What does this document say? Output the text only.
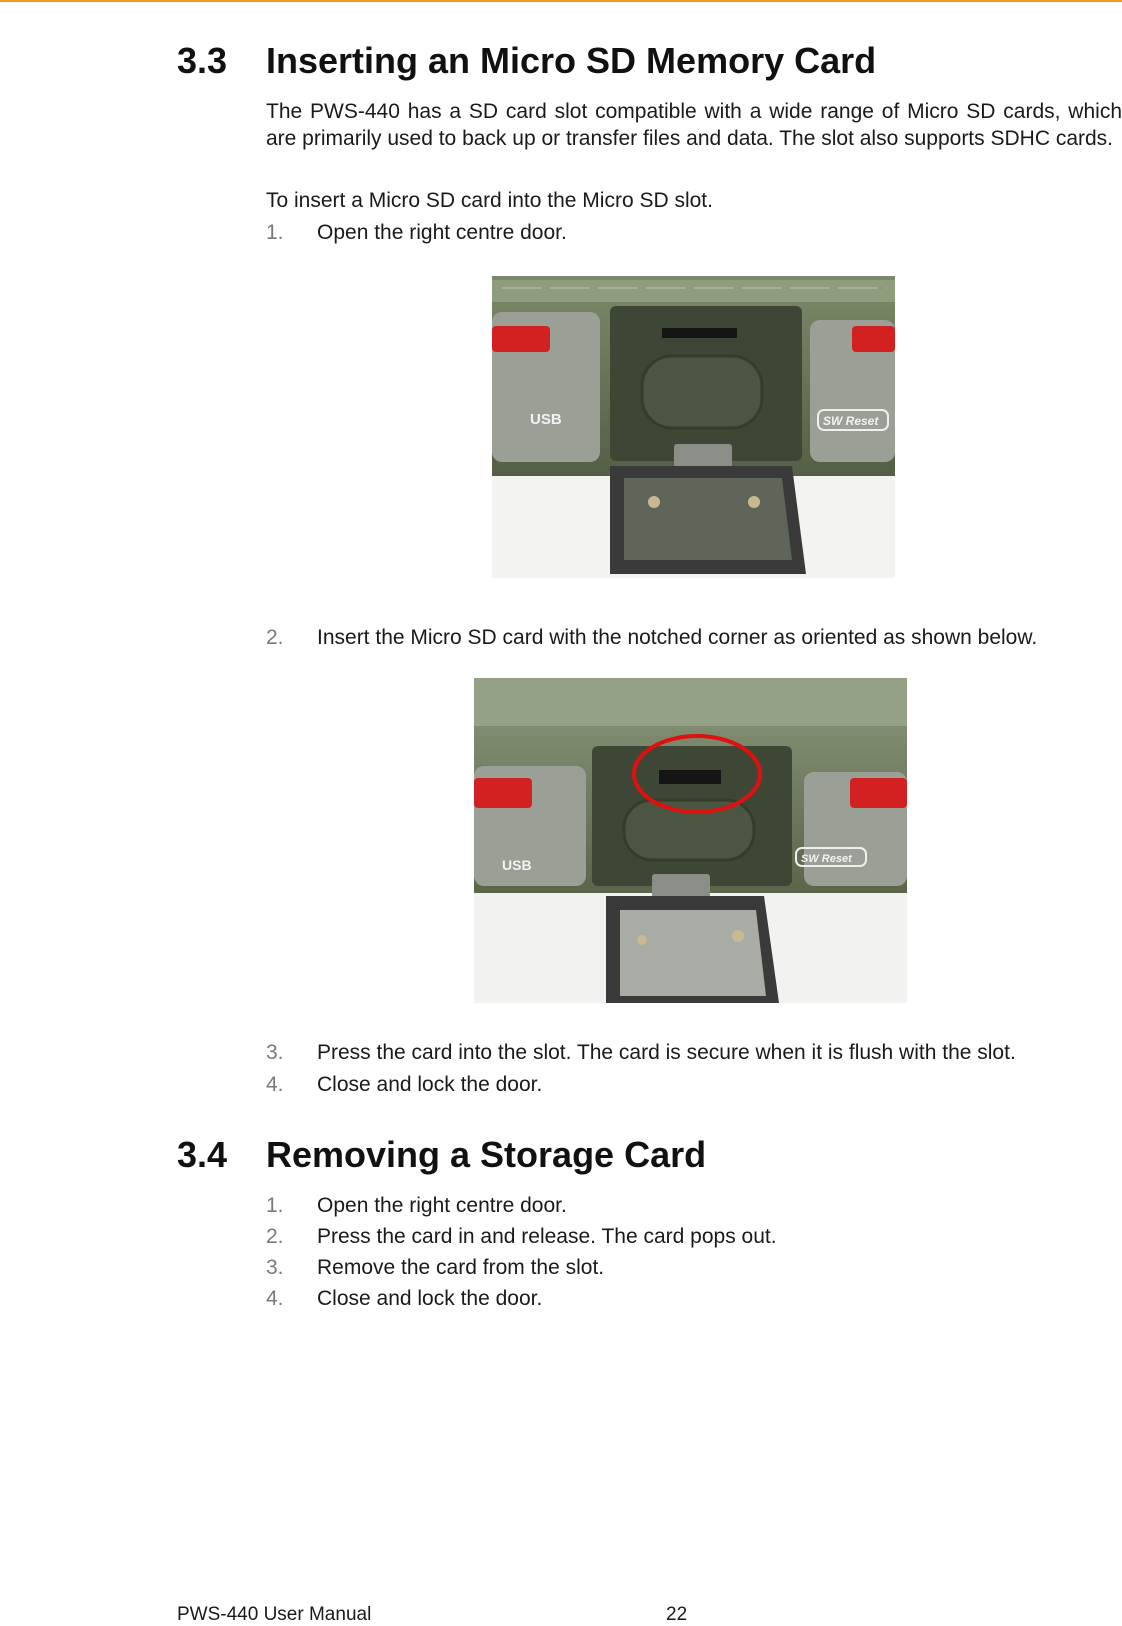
3.3 Inserting an Micro SD Memory Card
The PWS-440 has a SD card slot compatible with a wide range of Micro SD cards, which are primarily used to back up or transfer files and data. The slot also supports SDHC cards.
To insert a Micro SD card into the Micro SD slot.
1. Open the right centre door.
USB	SW Reset
2. Insert the Micro SD card with the notched corner as oriented as shown below.
USB	SW Reset
3. Press the card into the slot. The card is secure when it is flush with the slot.
4. Close and lock the door.
3.4 Removing a Storage Card
1. Open the right centre door.
2. Press the card in and release. The card pops out.
3. Remove the card from the slot.
4. Close and lock the door.
PWS-440 User Manual	22
